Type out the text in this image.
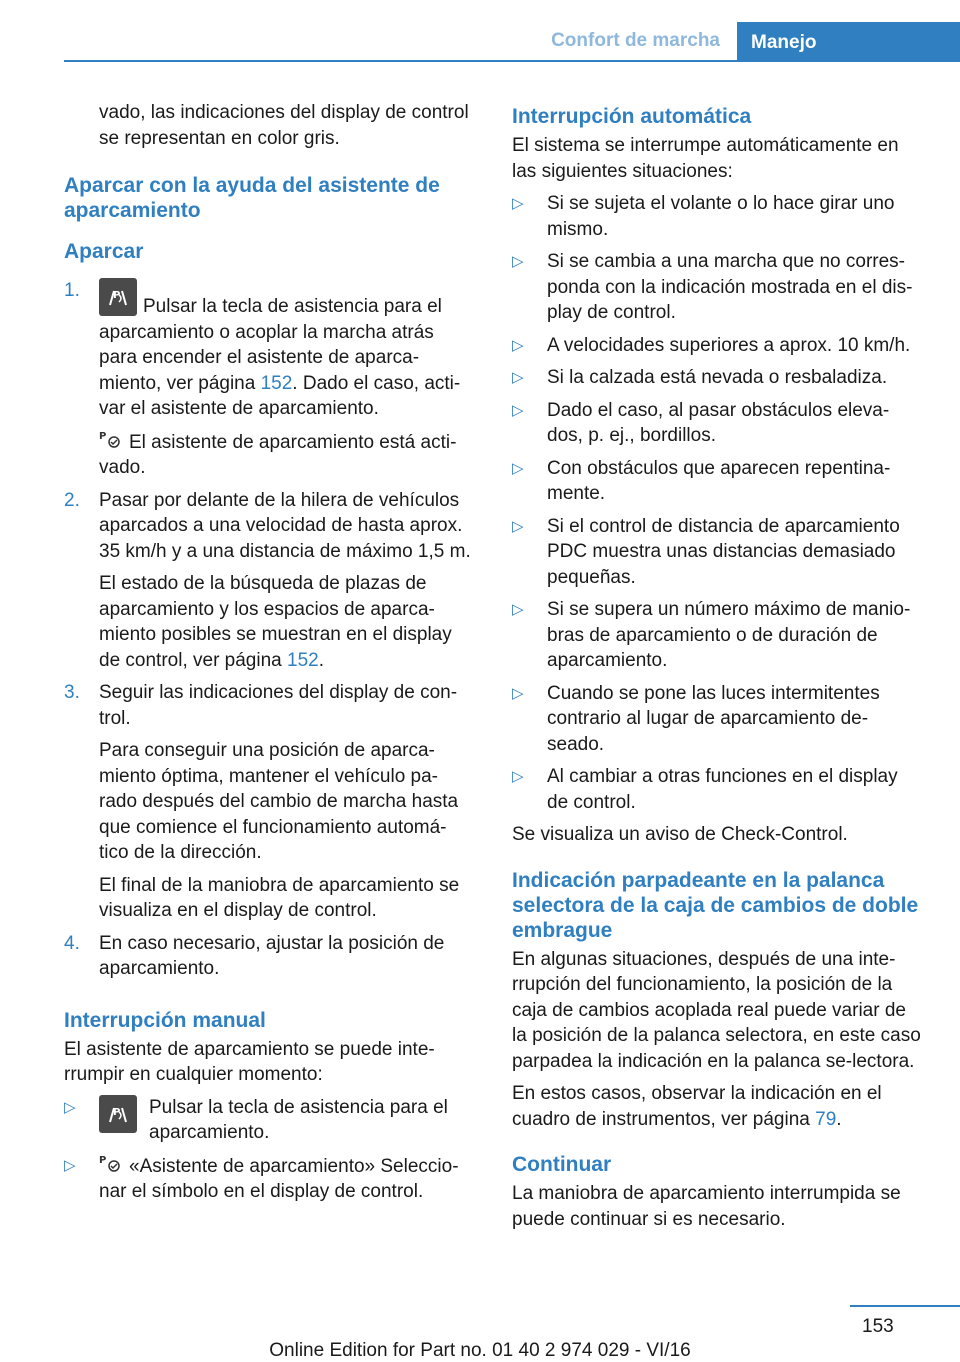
Confort de marcha	Manejo

vado, las indicaciones del display de control se representan en color gris.

Aparcar con la ayuda del asistente de aparcamiento
Aparcar
1.	P
Pulsar la tecla de asistencia para el aparcamiento o acoplar la marcha atrás para encender el asistente de aparca‐miento, ver página 152. Dado el caso, acti‐var el asistente de aparcamiento.
P El asistente de aparcamiento está acti‐vado.
2. Pasar por delante de la hilera de vehículos aparcados a una velocidad de hasta aprox. 35 km/h y a una distancia de máximo 1,5 m.
El estado de la búsqueda de plazas de aparcamiento y los espacios de aparca‐miento posibles se muestran en el display de control, ver página 152.
3. Seguir las indicaciones del display de con‐trol.
Para conseguir una posición de aparca‐miento óptima, mantener el vehículo pa‐rado después del cambio de marcha hasta que comience el funcionamiento automá‐tico de la dirección.
El final de la maniobra de aparcamiento se visualiza en el display de control.
4. En caso necesario, ajustar la posición de aparcamiento.
Interrupción manual

El asistente de aparcamiento se puede inte‐rrumpir en cualquier momento:

▷	P Pulsar la tecla de asistencia para el aparcamiento.
▷ P «Asistente de aparcamiento» Seleccio‐nar el símbolo en el display de control.
Interrupción automática

El sistema se interrumpe automáticamente en las siguientes situaciones:

▷ Si se sujeta el volante o lo hace girar uno mismo.
▷ Si se cambia a una marcha que no corres‐ponda con la indicación mostrada en el dis‐play de control.
▷ A velocidades superiores a aprox. 10 km/h.
▷ Si la calzada está nevada o resbaladiza.
▷ Dado el caso, al pasar obstáculos eleva‐dos, p. ej., bordillos.
▷ Con obstáculos que aparecen repentina‐mente.
▷ Si el control de distancia de aparcamiento PDC muestra unas distancias demasiado pequeñas.
▷ Si se supera un número máximo de manio‐bras de aparcamiento o de duración de aparcamiento.
▷ Cuando se pone las luces intermitentes contrario al lugar de aparcamiento de‐seado.
▷ Al cambiar a otras funciones en el display de control.

Se visualiza un aviso de Check-Control.

Indicación parpadeante en la palanca selectora de la caja de cambios de doble embrague

En algunas situaciones, después de una inte‐rrupción del funcionamiento, la posición de la caja de cambios acoplada real puede variar de la posición de la palanca selectora, en este caso parpadea la indicación en la palanca se‐lectora.

En estos casos, observar la indicación en el cuadro de instrumentos, ver página 79.

Continuar

La maniobra de aparcamiento interrumpida se puede continuar si es necesario.

153
Online Edition for Part no. 01 40 2 974 029 - VI/16
